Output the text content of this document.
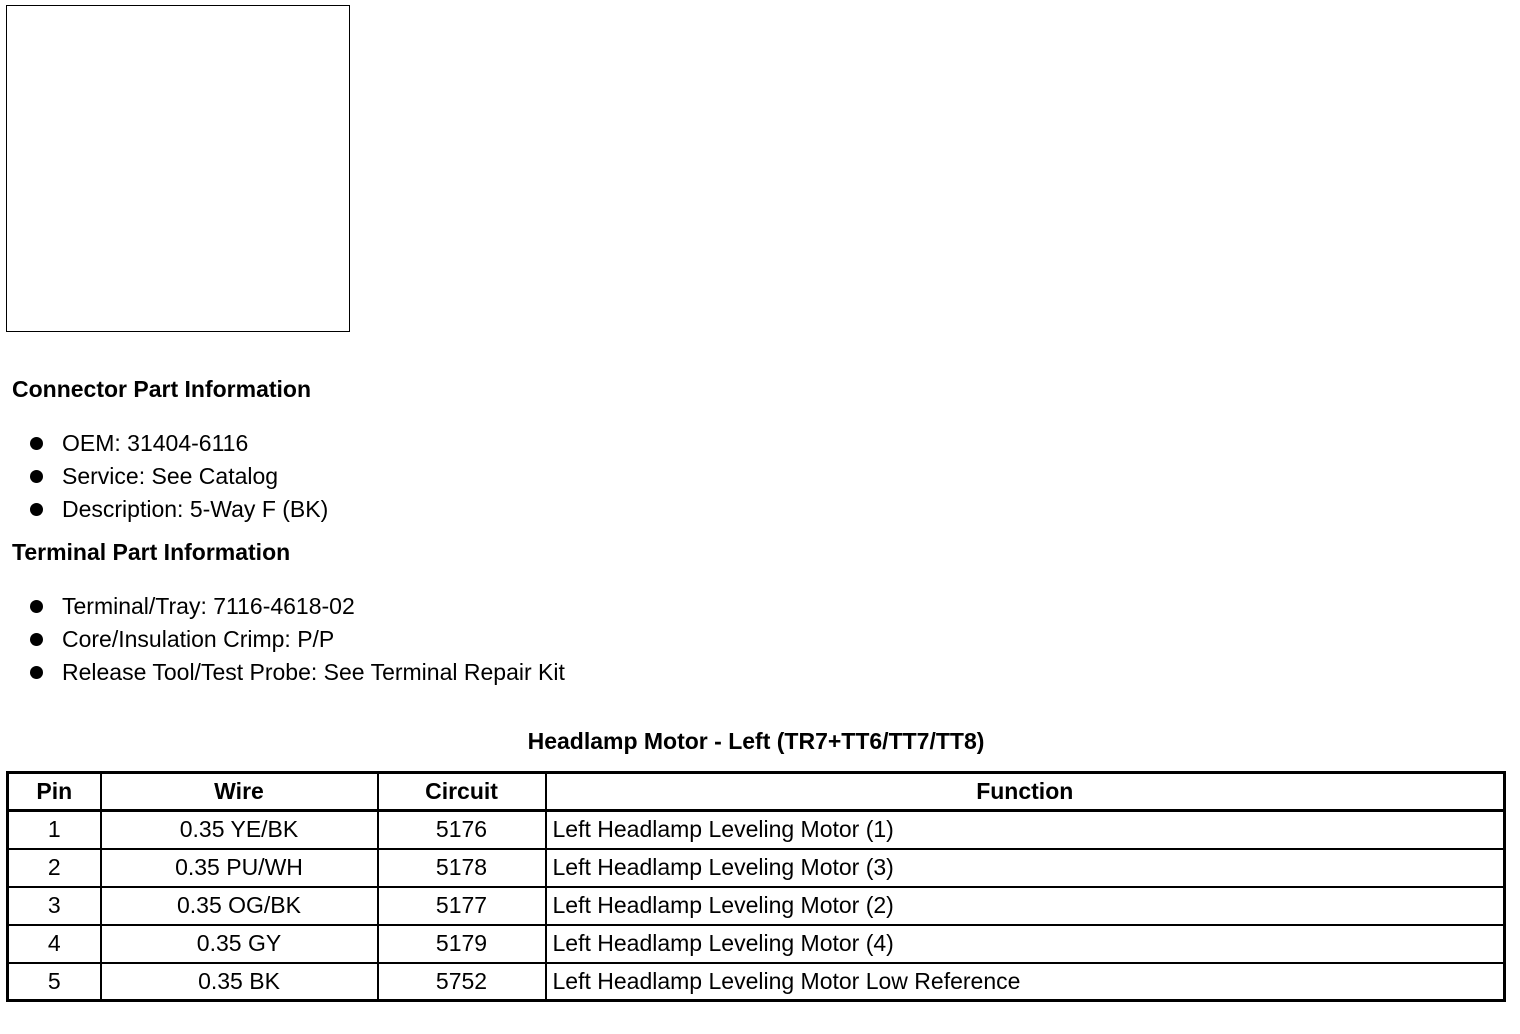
Connector Part Information
OEM: 31404-6116
Service: See Catalog
Description: 5-Way F (BK)
Terminal Part Information
Terminal/Tray: 7116-4618-02
Core/Insulation Crimp: P/P
Release Tool/Test Probe: See Terminal Repair Kit
Headlamp Motor - Left (TR7+TT6/TT7/TT8)
Pin	Wire	Circuit	Function
1	0.35 YE/BK	5176	Left Headlamp Leveling Motor (1)
2	0.35 PU/WH	5178	Left Headlamp Leveling Motor (3)
3	0.35 OG/BK	5177	Left Headlamp Leveling Motor (2)
4	0.35 GY	5179	Left Headlamp Leveling Motor (4)
5	0.35 BK	5752	Left Headlamp Leveling Motor Low Reference
